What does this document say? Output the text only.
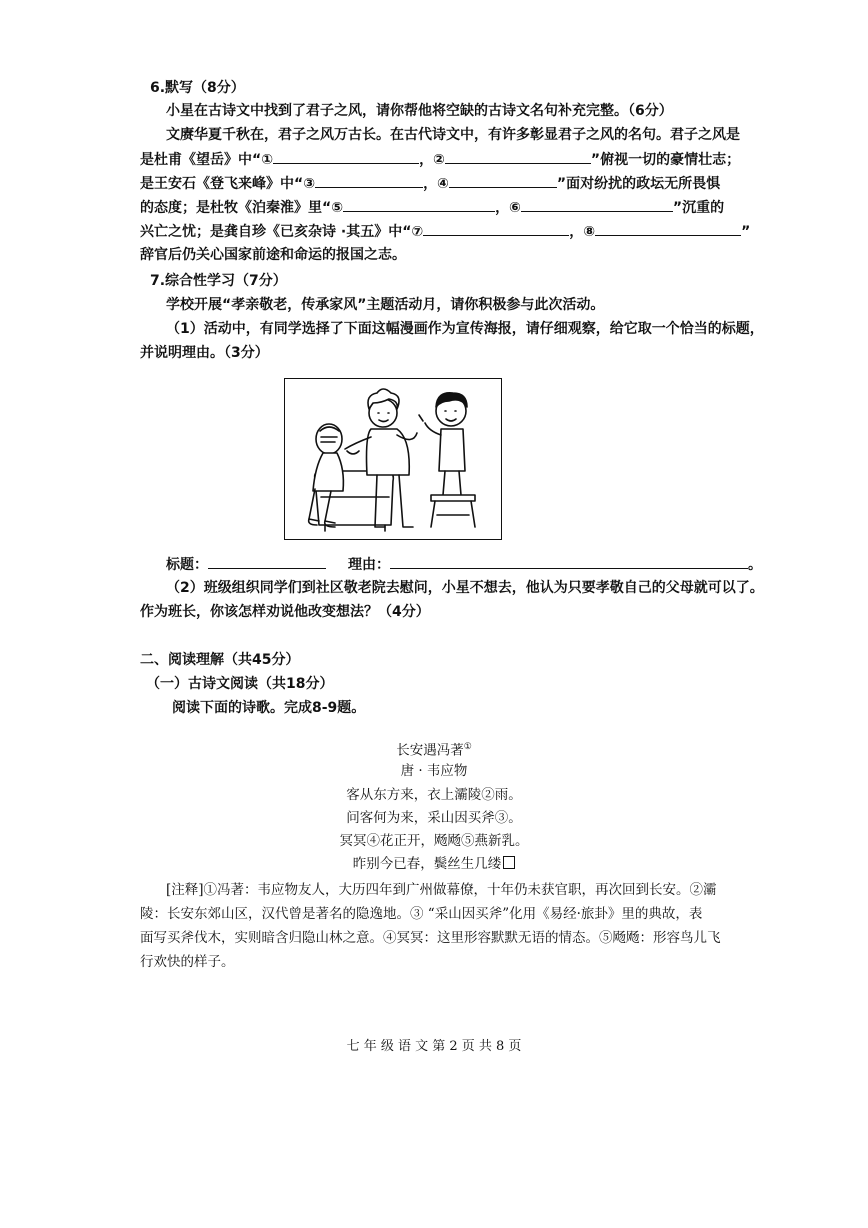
6.默写（8分）
小星在古诗文中找到了君子之风，请你帮他将空缺的古诗文名句补充完整。（6分）
文赓华夏千秋在，君子之风万古长。在古代诗文中，有许多彰显君子之风的名句。君子之风是
是杜甫《望岳》中“①	，②	”俯视一切的豪情壮志；
是王安石《登飞来峰》中“③	，④	”面对纷扰的政坛无所畏惧
的态度；是杜牧《泊秦淮》里“⑤	，⑥	”沉重的
兴亡之忧；是龚自珍《已亥杂诗 ·其五》中“⑦	，⑧	”
辞官后仍关心国家前途和命运的报国之志。
7.综合性学习（7分）
学校开展“孝亲敬老，传承家风”主题活动月，请你积极参与此次活动。
（1）活动中，有同学选择了下面这幅漫画作为宣传海报，请仔细观察，给它取一个恰当的标题，
并说明理由。（3分）
标题：	理由：	。
（2）班级组织同学们到社区敬老院去慰问，小星不想去，他认为只要孝敬自己的父母就可以了。
作为班长，你该怎样劝说他改变想法？（4分）
二、阅读理解（共45分）
（一）古诗文阅读（共18分）
阅读下面的诗歌。完成8-9题。
长安遇冯著①
唐 · 韦应物
客从东方来，衣上灞陵②雨。
问客何为来，采山因买斧③。
冥冥④花正开，飏飏⑤燕新乳。
昨别今已春，鬓丝生几缕
[注释]①冯著：韦应物友人，大历四年到广州做幕僚，十年仍未获官职，再次回到长安。②灞
陵：长安东郊山区，汉代曾是著名的隐逸地。③ “采山因买斧”化用《易经·旅卦》里的典故，表
面写买斧伐木，实则暗含归隐山林之意。④冥冥：这里形容默默无语的情态。⑤飏飏：形容鸟儿飞
行欢快的样子。
七 年 级 语 文 第 2 页 共 8 页
